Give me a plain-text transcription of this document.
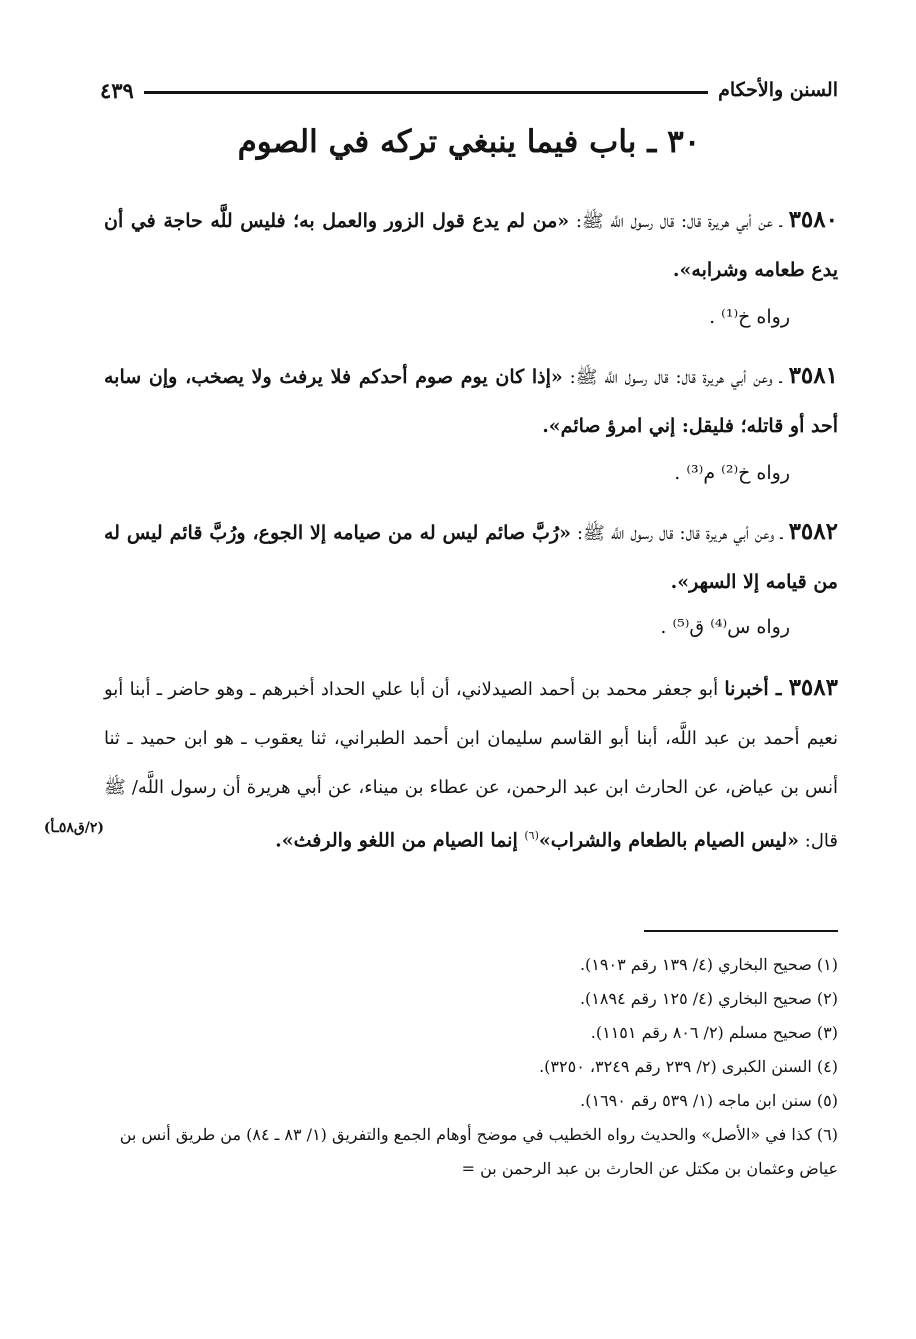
السنن والأحكام
٤٣٩
٣٠ ـ باب فيما ينبغي تركه في الصوم
٣٥٨٠ ـ عن أبي هريرة قال: قال رسول اللَّه ﷺ: «من لم يدع قول الزور والعمل به؛ فليس للَّه حاجة في أن يدع طعامه وشرابه».
رواه خ⁽¹⁾ .
٣٥٨١ ـ وعن أبي هريرة قال: قال رسول اللَّه ﷺ: «إذا كان يوم صوم أحدكم فلا يرفث ولا يصخب، وإن سابه أحد أو قاتله؛ فليقل: إني امرؤ صائم».
رواه خ⁽²⁾ م⁽³⁾ .
٣٥٨٢ ـ وعن أبي هريرة قال: قال رسول اللَّه ﷺ: «رُبَّ صائم ليس له من صيامه إلا الجوع، ورُبَّ قائم ليس له من قيامه إلا السهر».
رواه س⁽⁴⁾ ق⁽⁵⁾ .
٣٥٨٣ ـ أخبرنا أبو جعفر محمد بن أحمد الصيدلاني، أن أبا علي الحداد أخبرهم ـ وهو حاضر ـ أبنا أبو نعيم أحمد بن عبد اللَّه، أبنا أبو القاسم سليمان ابن أحمد الطبراني، ثنا يعقوب ـ هو ابن حميد ـ ثنا أنس بن عياض، عن الحارث ابن عبد الرحمن، عن عطاء بن ميناء، عن أبي هريرة أن رسول اللَّه/ ﷺ قال: «ليس الصيام بالطعام والشراب»$^{(٦)}$ إنما الصيام من اللغو والرفث».
(٢/ق٥٨ـأ)
(١) صحيح البخاري (٤/ ١٣٩ رقم ١٩٠٣).
(٢) صحيح البخاري (٤/ ١٢٥ رقم ١٨٩٤).
(٣) صحيح مسلم (٢/ ٨٠٦ رقم ١١٥١).
(٤) السنن الكبرى (٢/ ٢٣٩ رقم ٣٢٤٩، ٣٢٥٠).
(٥) سنن ابن ماجه (١/ ٥٣٩ رقم ١٦٩٠).
(٦) كذا في «الأصل» والحديث رواه الخطيب في موضح أوهام الجمع والتفريق (١/ ٨٣ ـ ٨٤) من طريق أنس بن عياض وعثمان بن مكتل عن الحارث بن عبد الرحمن بن =
